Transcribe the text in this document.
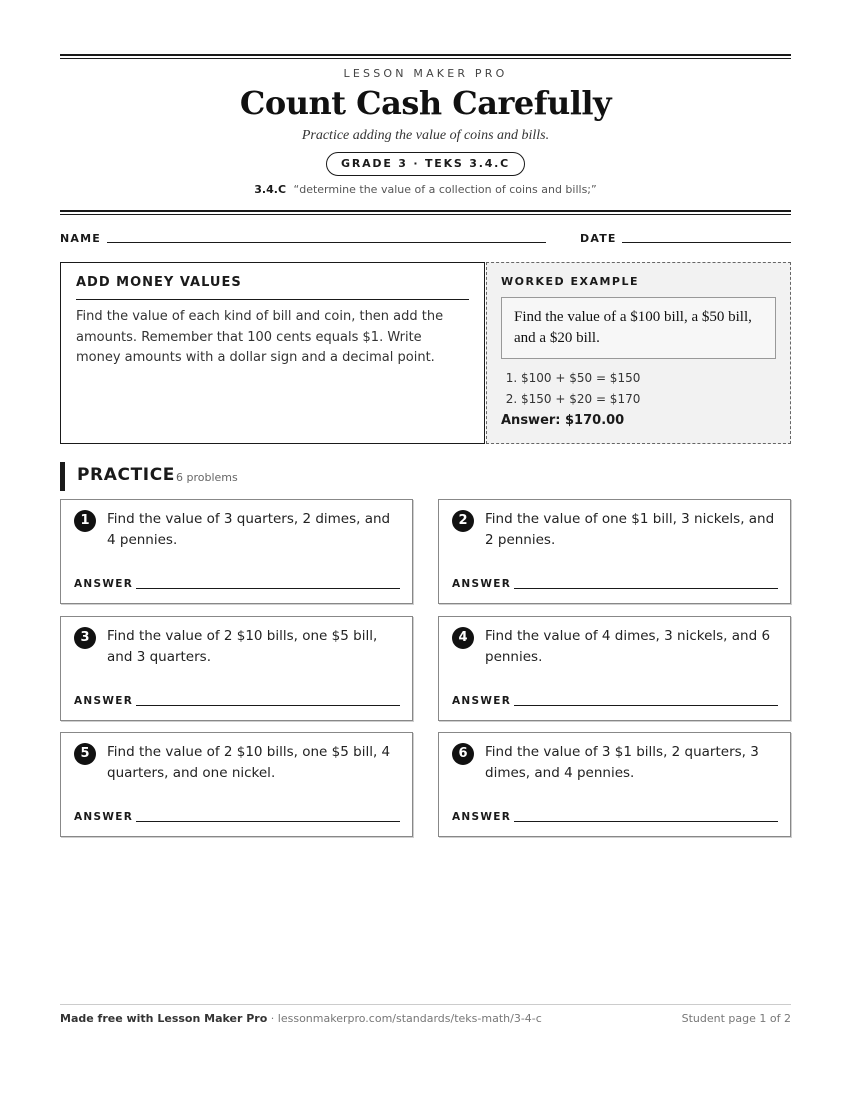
LESSON MAKER PRO
Count Cash Carefully
Practice adding the value of coins and bills.
GRADE 3 · TEKS 3.4.C
3.4.C “determine the value of a collection of coins and bills;”
NAME	DATE
ADD MONEY VALUES
Find the value of each kind of bill and coin, then add the amounts. Remember that 100 cents equals $1. Write money amounts with a dollar sign and a decimal point.
WORKED EXAMPLE
Find the value of a $100 bill, a $50 bill, and a $20 bill.
1. $100 + $50 = $150
2. $150 + $20 = $170
Answer: $170.00
PRACTICE 6 problems
1	Find the value of 3 quarters, 2 dimes, and 4 pennies.
ANSWER
2	Find the value of one $1 bill, 3 nickels, and 2 pennies.
ANSWER
3	Find the value of 2 $10 bills, one $5 bill, and 3 quarters.
ANSWER
4	Find the value of 4 dimes, 3 nickels, and 6 pennies.
ANSWER
5	Find the value of 2 $10 bills, one $5 bill, 4 quarters, and one nickel.
ANSWER
6	Find the value of 3 $1 bills, 2 quarters, 3 dimes, and 4 pennies.
ANSWER
Made free with Lesson Maker Pro · lessonmakerpro.com/standards/teks-math/3-4-c	Student page 1 of 2
